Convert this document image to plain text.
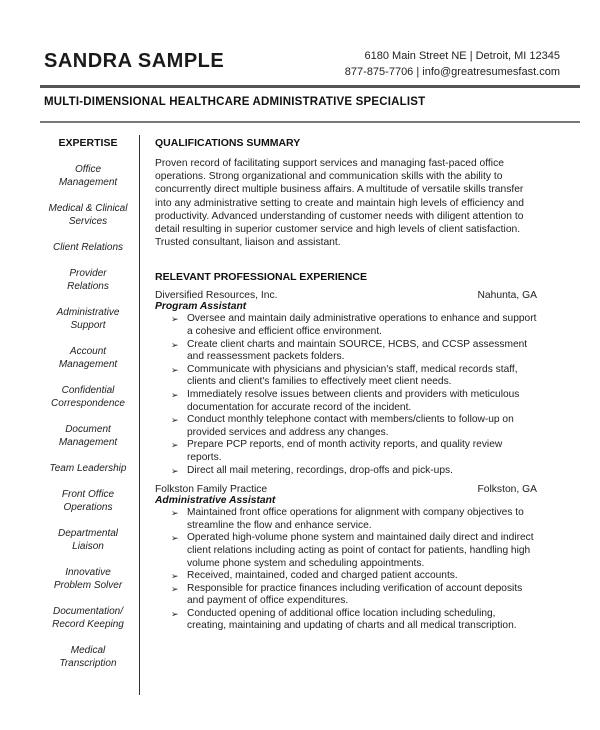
SANDRA SAMPLE	6180 Main Street NE | Detroit, MI 12345
877-875-7706 | info@greatresumesfast.com
MULTI-DIMENSIONAL HEALTHCARE ADMINISTRATIVE SPECIALIST
EXPERTISE
Office
Management
Medical & Clinical
Services
Client Relations
Provider
Relations
Administrative
Support
Account
Management
Confidential
Correspondence
Document
Management
Team Leadership
Front Office
Operations
Departmental
Liaison
Innovative
Problem Solver
Documentation/
Record Keeping
Medical
Transcription
QUALIFICATIONS SUMMARY
Proven record of facilitating support services and managing fast-paced office operations. Strong organizational and communication skills with the ability to concurrently direct multiple business affairs. A multitude of versatile skills transfer into any administrative setting to create and maintain high levels of efficiency and productivity. Advanced understanding of customer needs with diligent attention to detail resulting in superior customer service and high levels of client satisfaction. Trusted consultant, liaison and assistant.
RELEVANT PROFESSIONAL EXPERIENCE
Diversified Resources, Inc.	Nahunta, GA
Program Assistant
➢ Oversee and maintain daily administrative operations to enhance and support a cohesive and efficient office environment.
➢ Create client charts and maintain SOURCE, HCBS, and CCSP assessment and reassessment packets folders.
➢ Communicate with physicians and physician's staff, medical records staff, clients and client's families to effectively meet client needs.
➢ Immediately resolve issues between clients and providers with meticulous documentation for accurate record of the incident.
➢ Conduct monthly telephone contact with members/clients to follow-up on provided services and address any changes.
➢ Prepare PCP reports, end of month activity reports, and quality review reports.
➢ Direct all mail metering, recordings, drop-offs and pick-ups.
Folkston Family Practice	Folkston, GA
Administrative Assistant
➢ Maintained front office operations for alignment with company objectives to streamline the flow and enhance service.
➢ Operated high-volume phone system and maintained daily direct and indirect client relations including acting as point of contact for patients, handling high volume phone system and scheduling appointments.
➢ Received, maintained, coded and charged patient accounts.
➢ Responsible for practice finances including verification of account deposits and payment of office expenditures.
➢ Conducted opening of additional office location including scheduling, creating, maintaining and updating of charts and all medical transcription.
